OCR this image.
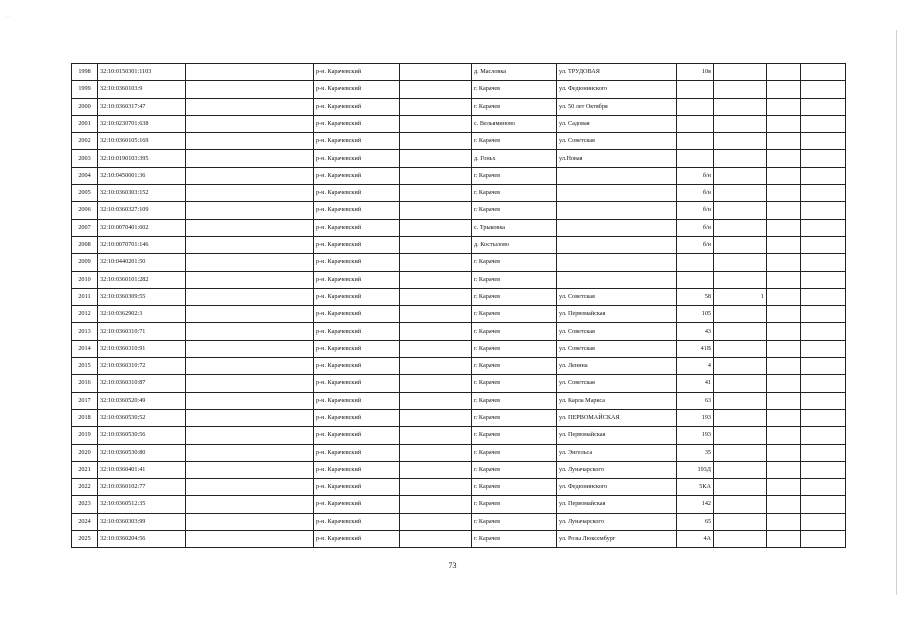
· ·
1998	32:10:0150301:1103		р-н. Карачевский		д. Масловка	ул. ТРУДОВАЯ	10в			
1999	32:10:0360103:9		р-н. Карачевский		г. Карачев	ул. Федюнинского				
2000	32:10:0360317:47		р-н. Карачевский		г. Карачев	ул. 50 лет Октября				
2001	32:10:0230701:638		р-н. Карачевский		с. Вельяминово	ул. Садовая				
2002	32:10:0360105:169		р-н. Карачевский		г. Карачев	ул. Советская				
2003	32:10:0190103:395		р-н. Карачевский		д. Гоньх	ул.Новая				
2004	32:10:0450001:36		р-н. Карачевский		г. Карачев		б/н			
2005	32:10:0360303:152		р-н. Карачевский		г. Карачев		б/н			
2006	32:10:0360327:109		р-н. Карачевский		г. Карачев		б/н			
2007	32:10:0070401:602		р-н. Карачевский		с. Трыковка		б/н			
2008	32:10:0070701:146		р-н. Карачевский		д. Костылово		б/н			
2009	32:10:0440201:50		р-н. Карачевский		г. Карачев					
2010	32:10:0360101:282		р-н. Карачевский		г. Карачев					
2011	32:10:0360309:55		р-н. Карачевский		г. Карачев	ул. Советская	58	1		
2012	32:10:0362902:3		р-н. Карачевский		г. Карачев	ул. Первомайская	105			
2013	32:10:0360310:71		р-н. Карачевский		г. Карачев	ул. Советская	43			
2014	32:10:0360310:91		р-н. Карачевский		г. Карачев	ул. Советская	41В			
2015	32:10:0360310:72		р-н. Карачевский		г. Карачев	ул. Ленина	4			
2016	32:10:0360310:87		р-н. Карачевский		г. Карачев	ул. Советская	41			
2017	32:10:0360520:49		р-н. Карачевский		г. Карачев	ул. Карла Маркса	63			
2018	32:10:0360530:52		р-н. Карачевский		г. Карачев	ул. ПЕРВОМАЙСКАЯ	193			
2019	32:10:0360530:56		р-н. Карачевский		г. Карачев	ул. Первомайская	193			
2020	32:10:0360530:80		р-н. Карачевский		г. Карачев	ул. Энгельса	35			
2021	32:10:0360401:41		р-н. Карачевский		г. Карачев	ул. Луначарского	193Д			
2022	32:10:0360102:77		р-н. Карачевский		г. Карачев	ул. Федюнинского	5КА			
2023	32:10:0360512:35		р-н. Карачевский		г. Карачев	ул. Первомайская	142			
2024	32:10:0360303:99		р-н. Карачевский		г. Карачев	ул. Луначарского	65			
2025	32:10:0360204:56		р-н. Карачевский		г. Карачев	ул. Розы Люксембург	4А			
73
